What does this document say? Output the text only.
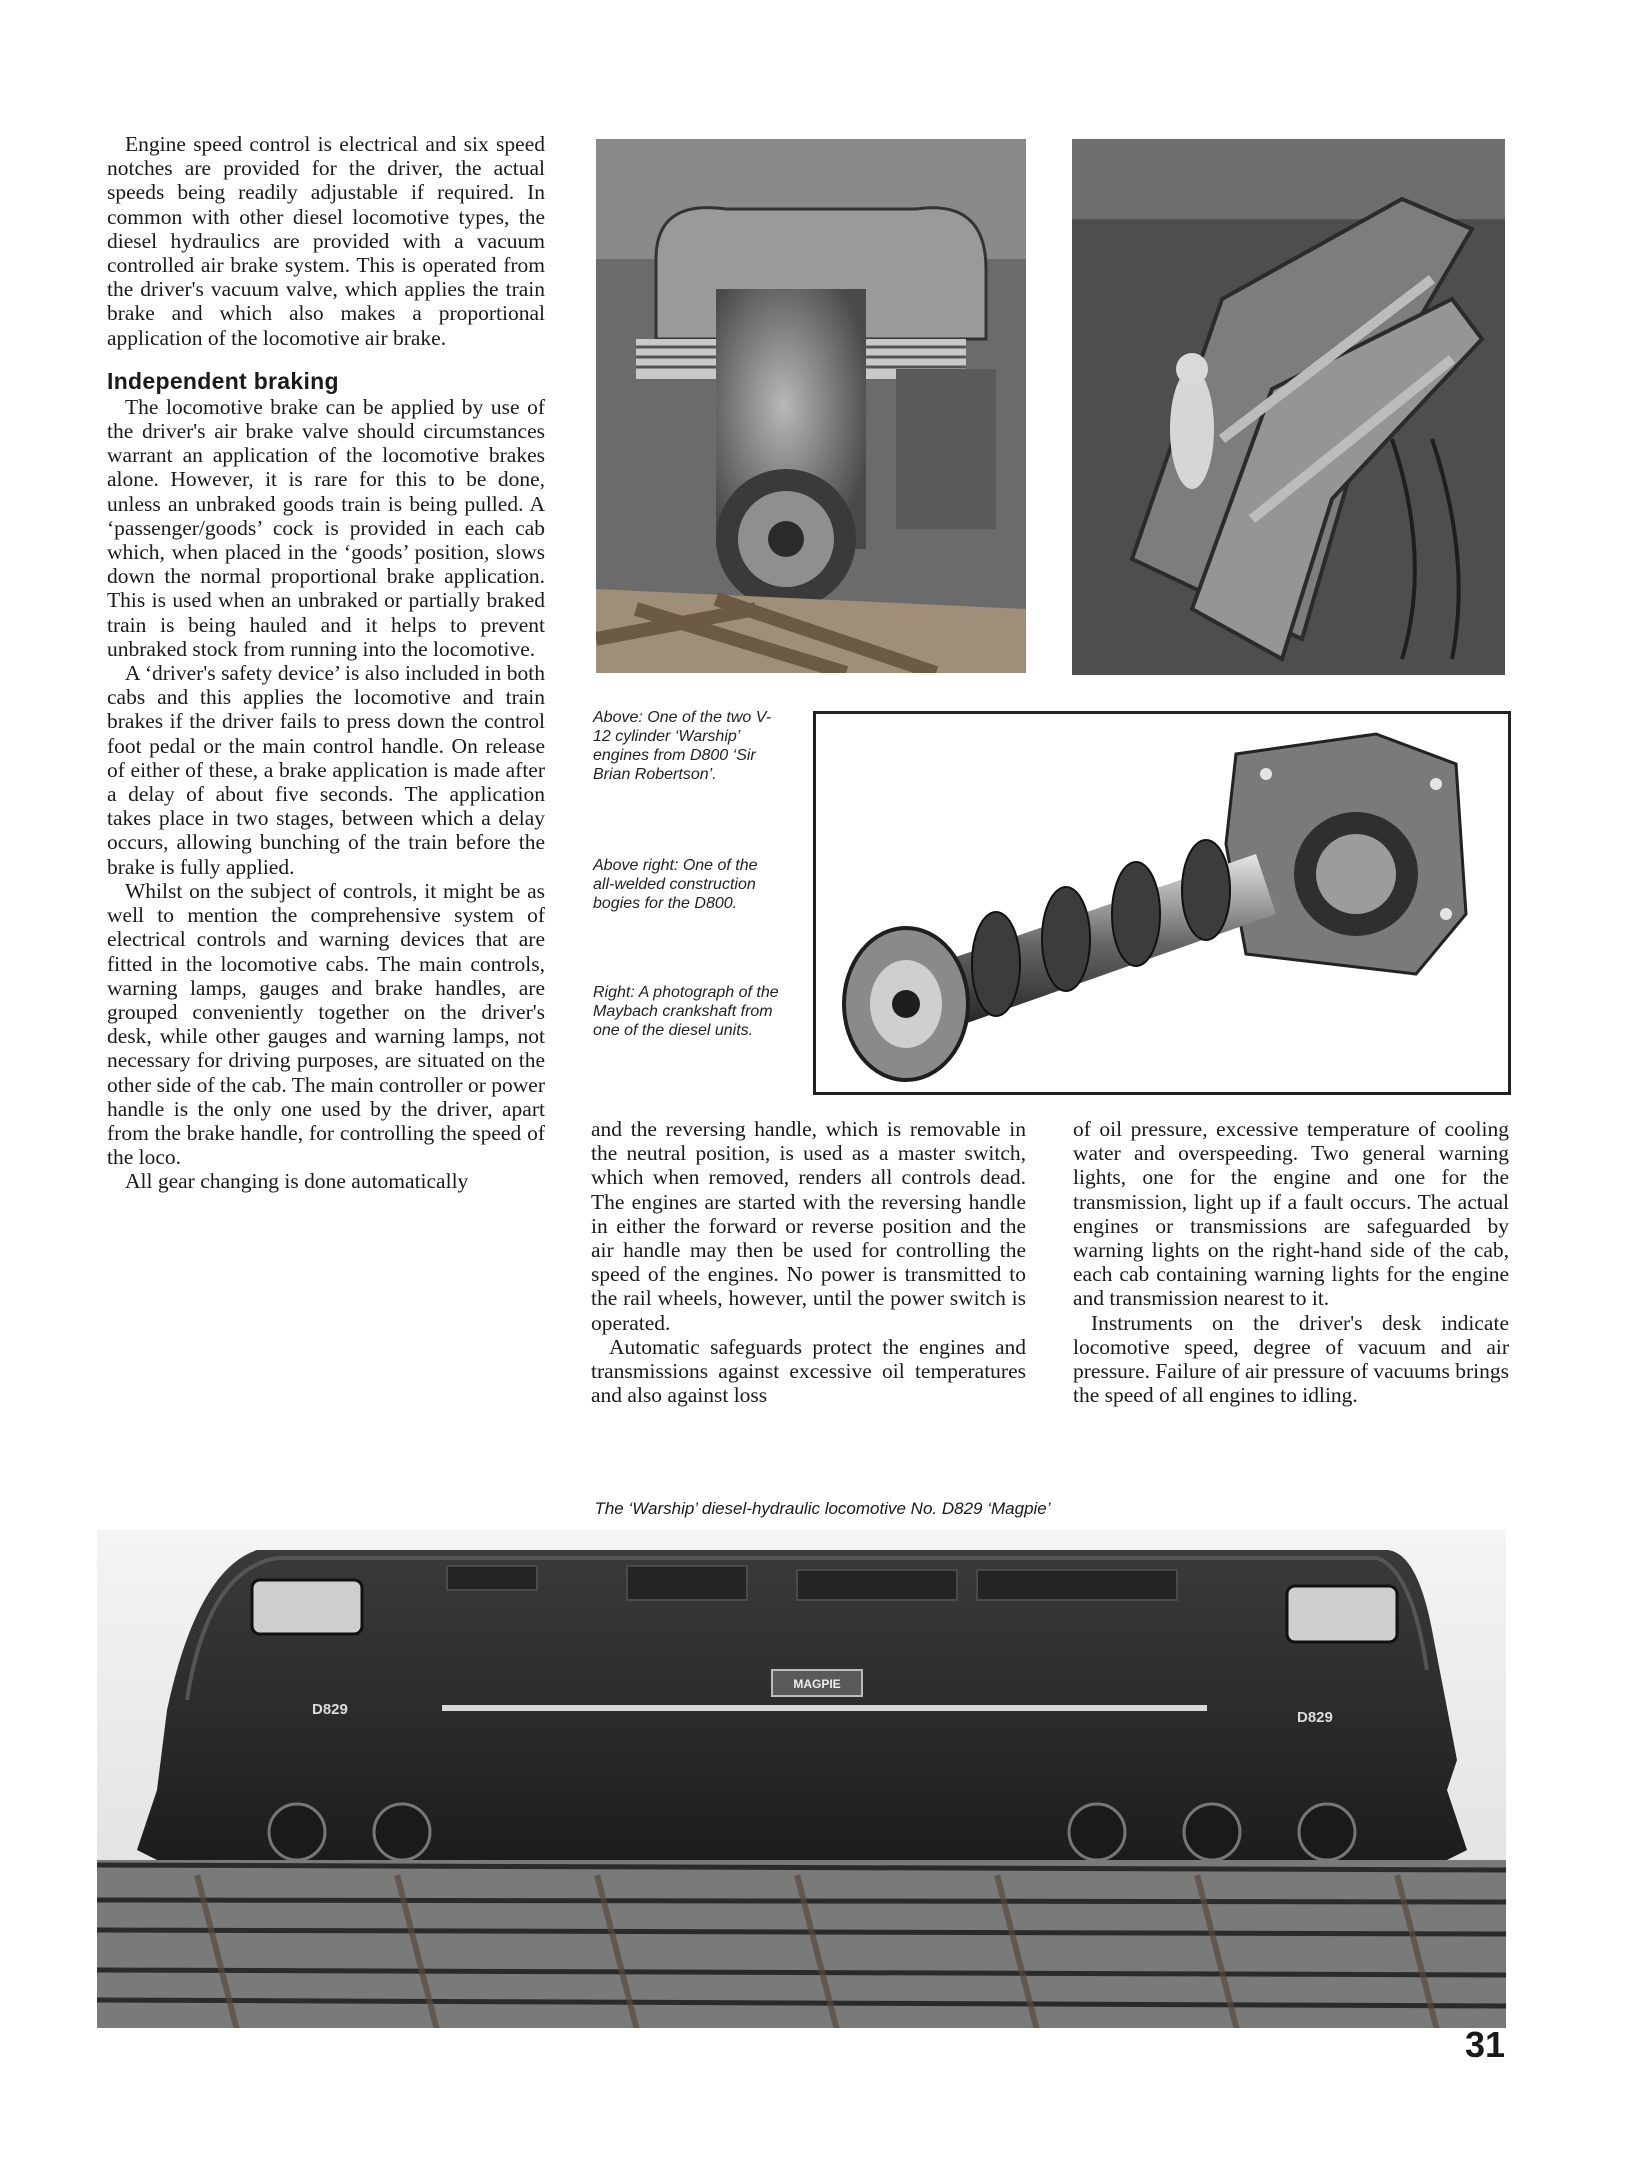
Engine speed control is electrical and six speed notches are provided for the driver, the actual speeds being readily adjustable if required. In common with other diesel locomotive types, the diesel hydraulics are provided with a vacuum controlled air brake system. This is operated from the driver's vacuum valve, which applies the train brake and which also makes a proportional application of the locomotive air brake.

Independent braking

The locomotive brake can be applied by use of the driver's air brake valve should circumstances warrant an application of the locomotive brakes alone. However, it is rare for this to be done, unless an unbraked goods train is being pulled. A ‘passenger/goods’ cock is provided in each cab which, when placed in the ‘goods’ position, slows down the normal proportional brake application. This is used when an unbraked or partially braked train is being hauled and it helps to prevent unbraked stock from running into the locomotive.

A ‘driver's safety device’ is also included in both cabs and this applies the locomotive and train brakes if the driver fails to press down the control foot pedal or the main control handle. On release of either of these, a brake application is made after a delay of about five seconds. The application takes place in two stages, between which a delay occurs, allowing bunching of the train before the brake is fully applied.

Whilst on the subject of controls, it might be as well to mention the comprehensive system of electrical controls and warning devices that are fitted in the locomotive cabs. The main controls, warning lamps, gauges and brake handles, are grouped conveniently together on the driver's desk, while other gauges and warning lamps, not necessary for driving purposes, are situated on the other side of the cab. The main controller or power handle is the only one used by the driver, apart from the brake handle, for controlling the speed of the loco.

All gear changing is done automatically

Above: One of the two V-12 cylinder ‘Warship’ engines from D800 ‘Sir Brian Robertson’.
Above right: One of the all-welded construction bogies for the D800.
Right: A photograph of the Maybach crankshaft from one of the diesel units.

and the reversing handle, which is removable in the neutral position, is used as a master switch, which when removed, renders all controls dead. The engines are started with the reversing handle in either the forward or reverse position and the air handle may then be used for controlling the speed of the engines. No power is transmitted to the rail wheels, however, until the power switch is operated.

Automatic safeguards protect the engines and transmissions against excessive oil temperatures and also against loss

of oil pressure, excessive temperature of cooling water and overspeeding. Two general warning lights, one for the engine and one for the transmission, light up if a fault occurs. The actual engines or transmissions are safeguarded by warning lights on the right-hand side of the cab, each cab containing warning lights for the engine and transmission nearest to it.

Instruments on the driver's desk indicate locomotive speed, degree of vacuum and air pressure. Failure of air pressure of vacuums brings the speed of all engines to idling.

The ‘Warship’ diesel-hydraulic locomotive No. D829 ‘Magpie’
MAGPIE
D829	D829
31
